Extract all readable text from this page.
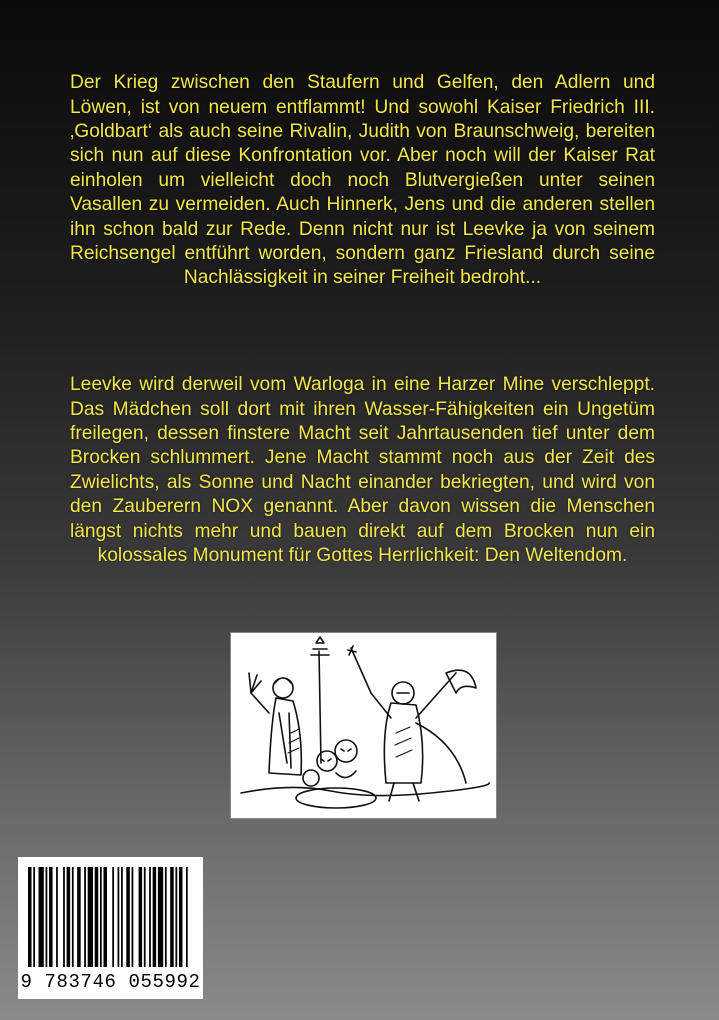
Der Krieg zwischen den Staufern und Gelfen, den Adlern und Löwen, ist von neuem entflammt! Und sowohl Kaiser Friedrich III. ‚Goldbart‘ als auch seine Rivalin, Judith von Braunschweig, bereiten sich nun auf diese Konfrontation vor. Aber noch will der Kaiser Rat einholen um vielleicht doch noch Blutvergießen unter seinen Vasallen zu vermeiden. Auch Hinnerk, Jens und die anderen stellen ihn schon bald zur Rede. Denn nicht nur ist Leevke ja von seinem Reichsengel entführt worden, sondern ganz Friesland durch seine Nachlässigkeit in seiner Freiheit bedroht...

Leevke wird derweil vom Warloga in eine Harzer Mine verschleppt. Das Mädchen soll dort mit ihren Wasser-Fähigkeiten ein Ungetüm freilegen, dessen finstere Macht seit Jahrtausenden tief unter dem Brocken schlummert. Jene Macht stammt noch aus der Zeit des Zwielichts, als Sonne und Nacht einander bekriegten, und wird von den Zauberern NOX genannt. Aber davon wissen die Menschen längst nichts mehr und bauen direkt auf dem Brocken nun ein kolossales Monument für Gottes Herrlichkeit: Den Weltendom.

9 783746 055992
